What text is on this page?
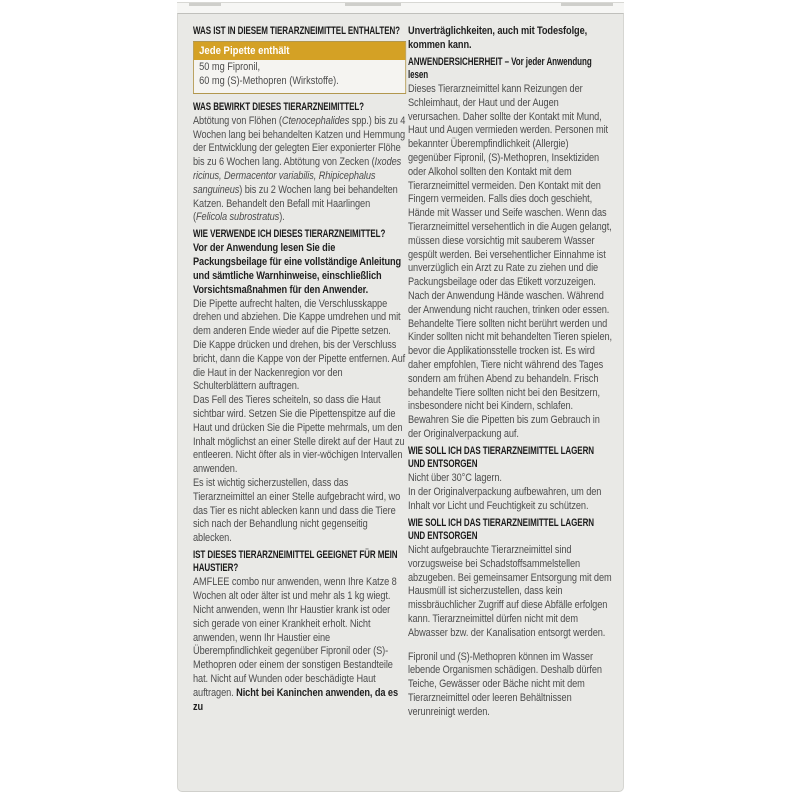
WAS IST IN DIESEM TIERARZNEIMITTEL ENTHALTEN?
Jede Pipette enthält
50 mg Fipronil,
60 mg (S)-Methopren (Wirkstoffe).
WAS BEWIRKT DIESES TIERARZNEIMITTEL?
Abtötung von Flöhen (Ctenocephalides spp.) bis zu 4 Wochen lang bei behandelten Katzen und Hemmung der Entwicklung der gelegten Eier exponierter Flöhe bis zu 6 Wochen lang. Abtötung von Zecken (Ixodes ricinus, Dermacentor variabilis, Rhipicephalus sanguineus) bis zu 2 Wochen lang bei behandelten Katzen. Behandelt den Befall mit Haarlingen (Felicola subrostratus).
WIE VERWENDE ICH DIESES TIERARZNEIMITTEL?
Vor der Anwendung lesen Sie die Packungsbeilage für eine vollständige Anleitung und sämtliche Warnhinweise, einschließlich Vorsichtsmaßnahmen für den Anwender.
Die Pipette aufrecht halten, die Verschlusskappe drehen und abziehen. Die Kappe umdrehen und mit dem anderen Ende wieder auf die Pipette setzen. Die Kappe drücken und drehen, bis der Verschluss bricht, dann die Kappe von der Pipette entfernen. Auf die Haut in der Nackenregion vor den Schulterblättern auftragen.
Das Fell des Tieres scheiteln, so dass die Haut sichtbar wird. Setzen Sie die Pipettenspitze auf die Haut und drücken Sie die Pipette mehrmals, um den Inhalt möglichst an einer Stelle direkt auf der Haut zu entleeren. Nicht öfter als in vier-wöchigen Intervallen anwenden.
Es ist wichtig sicherzustellen, dass das Tierarzneimittel an einer Stelle aufgebracht wird, wo das Tier es nicht ablecken kann und dass die Tiere sich nach der Behandlung nicht gegenseitig ablecken.
IST DIESES TIERARZNEIMITTEL GEEIGNET FÜR MEIN HAUSTIER?
AMFLEE combo nur anwenden, wenn Ihre Katze 8 Wochen alt oder älter ist und mehr als 1 kg wiegt. Nicht anwenden, wenn Ihr Haustier krank ist oder sich gerade von einer Krankheit erholt. Nicht anwenden, wenn Ihr Haustier eine Überempfindlichkeit gegenüber Fipronil oder (S)-Methopren oder einem der sonstigen Bestandteile hat. Nicht auf Wunden oder beschädigte Haut auftragen. Nicht bei Kaninchen anwenden, da es zu
Unverträglichkeiten, auch mit Todesfolge, kommen kann.
ANWENDERSICHERHEIT – Vor jeder Anwendung lesen
Dieses Tierarzneimittel kann Reizungen der Schleimhaut, der Haut und der Augen verursachen. Daher sollte der Kontakt mit Mund, Haut und Augen vermieden werden. Personen mit bekannter Überempfindlichkeit (Allergie) gegenüber Fipronil, (S)-Methopren, Insektiziden oder Alkohol sollten den Kontakt mit dem Tierarzneimittel vermeiden. Den Kontakt mit den Fingern vermeiden. Falls dies doch geschieht, Hände mit Wasser und Seife waschen. Wenn das Tierarzneimittel versehentlich in die Augen gelangt, müssen diese vorsichtig mit sauberem Wasser gespült werden. Bei versehentlicher Einnahme ist unverzüglich ein Arzt zu Rate zu ziehen und die Packungsbeilage oder das Etikett vorzuzeigen. Nach der Anwendung Hände waschen. Während der Anwendung nicht rauchen, trinken oder essen.
Behandelte Tiere sollten nicht berührt werden und Kinder sollten nicht mit behandelten Tieren spielen, bevor die Applikationsstelle trocken ist. Es wird daher empfohlen, Tiere nicht während des Tages sondern am frühen Abend zu behandeln. Frisch behandelte Tiere sollten nicht bei den Besitzern, insbesondere nicht bei Kindern, schlafen. Bewahren Sie die Pipetten bis zum Gebrauch in der Originalverpackung auf.
WIE SOLL ICH DAS TIERARZNEIMITTEL LAGERN UND ENTSORGEN
Nicht über 30°C lagern.
In der Originalverpackung aufbewahren, um den Inhalt vor Licht und Feuchtigkeit zu schützen.
WIE SOLL ICH DAS TIERARZNEIMITTEL LAGERN UND ENTSORGEN
Nicht aufgebrauchte Tierarzneimittel sind vorzugsweise bei Schadstoffsammelstellen abzugeben. Bei gemeinsamer Entsorgung mit dem Hausmüll ist sicherzustellen, dass kein missbräuchlicher Zugriff auf diese Abfälle erfolgen kann. Tierarzneimittel dürfen nicht mit dem Abwasser bzw. der Kanalisation entsorgt werden.
Fipronil und (S)-Methopren können im Wasser lebende Organismen schädigen. Deshalb dürfen Teiche, Gewässer oder Bäche nicht mit dem Tierarzneimittel oder leeren Behältnissen verunreinigt werden.
